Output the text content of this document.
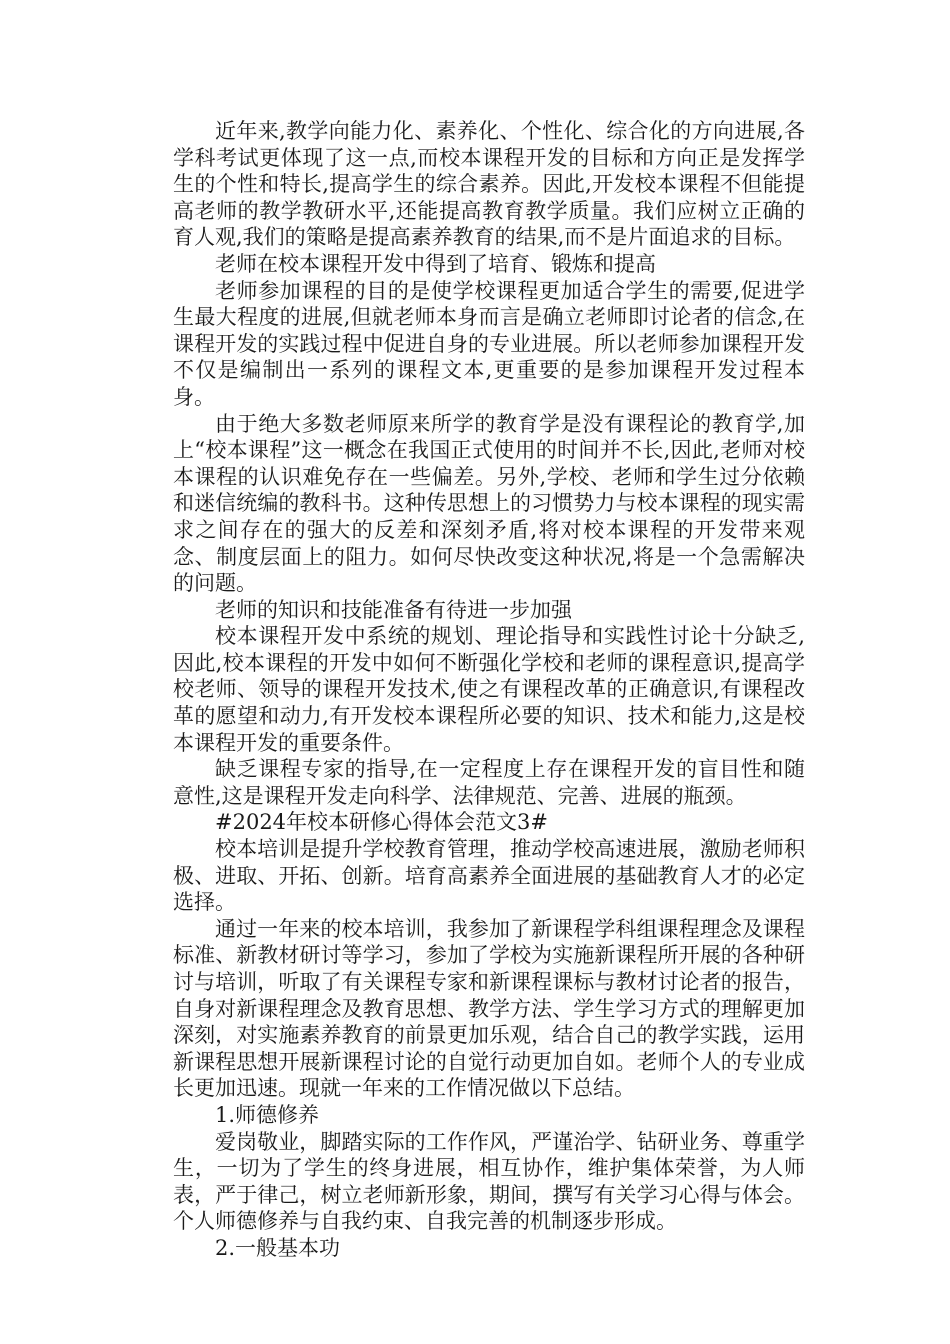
近年来,教学向能力化、素养化、个性化、综合化的方向进展,各学科考试更体现了这一点,而校本课程开发的目标和方向正是发挥学生的个性和特长,提高学生的综合素养。因此,开发校本课程不但能提高老师的教学教研水平,还能提高教育教学质量。我们应树立正确的育人观,我们的策略是提高素养教育的结果,而不是片面追求的目标。

老师在校本课程开发中得到了培育、锻炼和提高

老师参加课程的目的是使学校课程更加适合学生的需要,促进学生最大程度的进展,但就老师本身而言是确立老师即讨论者的信念,在课程开发的实践过程中促进自身的专业进展。所以老师参加课程开发不仅是编制出一系列的课程文本,更重要的是参加课程开发过程本身。

由于绝大多数老师原来所学的教育学是没有课程论的教育学,加上“校本课程”这一概念在我国正式使用的时间并不长,因此,老师对校本课程的认识难免存在一些偏差。另外,学校、老师和学生过分依赖和迷信统编的教科书。这种传思想上的习惯势力与校本课程的现实需求之间存在的强大的反差和深刻矛盾,将对校本课程的开发带来观念、制度层面上的阻力。如何尽快改变这种状况,将是一个急需解决的问题。

老师的知识和技能准备有待进一步加强

校本课程开发中系统的规划、理论指导和实践性讨论十分缺乏,因此,校本课程的开发中如何不断强化学校和老师的课程意识,提高学校老师、领导的课程开发技术,使之有课程改革的正确意识,有课程改革的愿望和动力,有开发校本课程所必要的知识、技术和能力,这是校本课程开发的重要条件。

缺乏课程专家的指导,在一定程度上存在课程开发的盲目性和随意性,这是课程开发走向科学、法律规范、完善、进展的瓶颈。

#2024年校本研修心得体会范文3#

校本培训是提升学校教育管理，推动学校高速进展，激励老师积极、进取、开拓、创新。培育高素养全面进展的基础教育人才的必定选择。

通过一年来的校本培训，我参加了新课程学科组课程理念及课程标准、新教材研讨等学习，参加了学校为实施新课程所开展的各种研讨与培训，听取了有关课程专家和新课程课标与教材讨论者的报告，自身对新课程理念及教育思想、教学方法、学生学习方式的理解更加深刻，对实施素养教育的前景更加乐观，结合自己的教学实践，运用新课程思想开展新课程讨论的自觉行动更加自如。老师个人的专业成长更加迅速。现就一年来的工作情况做以下总结。

1.师德修养

爱岗敬业，脚踏实际的工作作风，严谨治学、钻研业务、尊重学生，一切为了学生的终身进展，相互协作，维护集体荣誉，为人师表，严于律己，树立老师新形象，期间，撰写有关学习心得与体会。个人师德修养与自我约束、自我完善的机制逐步形成。

2.一般基本功
